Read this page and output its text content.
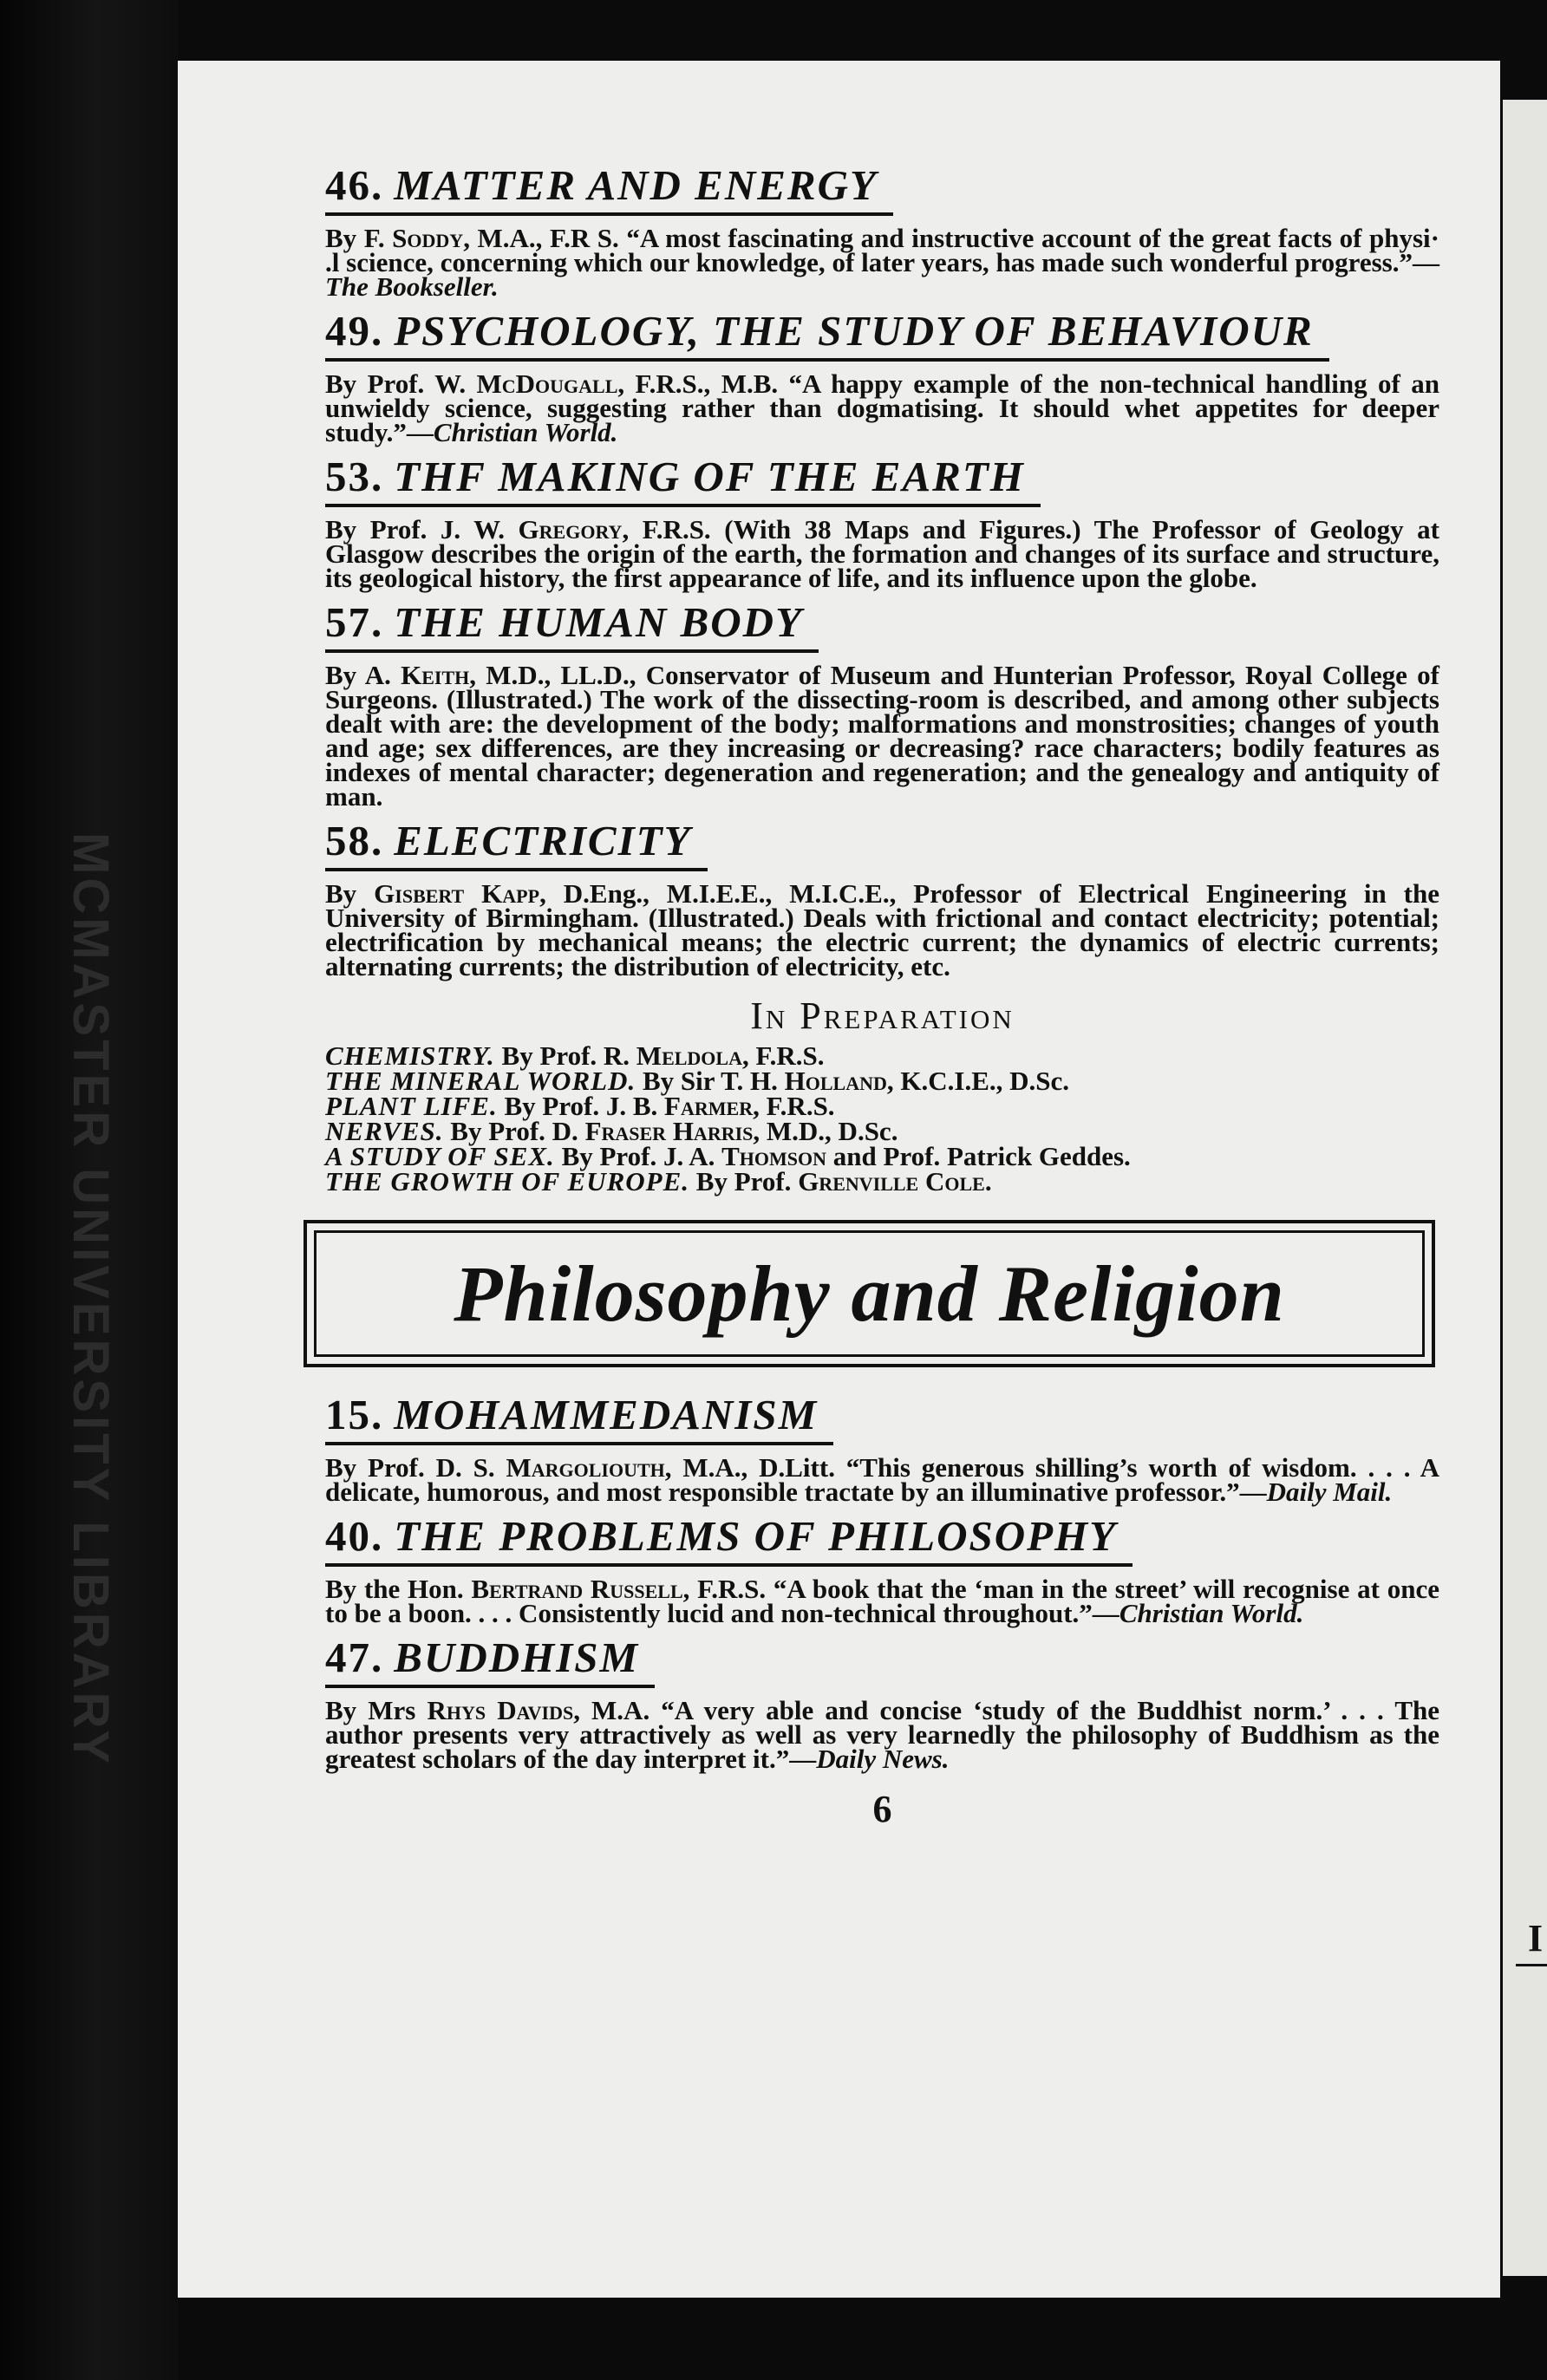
MCMASTER UNIVERSITY LIBRARY
I
46. MATTER AND ENERGY

By F. Soddy, M.A., F.R S. “A most fascinating and instructive account of the great facts of physi· .l science, concerning which our knowledge, of later years, has made such wonderful progress.”—The Bookseller.

49. PSYCHOLOGY, THE STUDY OF BEHAVIOUR

By Prof. W. McDougall, F.R.S., M.B. “A happy example of the non-technical handling of an unwieldy science, suggesting rather than dogmatising. It should whet appetites for deeper study.”—Christian World.

53. THF MAKING OF THE EARTH

By Prof. J. W. Gregory, F.R.S. (With 38 Maps and Figures.) The Professor of Geology at Glasgow describes the origin of the earth, the formation and changes of its surface and structure, its geological history, the first appearance of life, and its influence upon the globe.

57. THE HUMAN BODY

By A. Keith, M.D., LL.D., Conservator of Museum and Hunterian Professor, Royal College of Surgeons. (Illustrated.) The work of the dissecting-room is described, and among other subjects dealt with are: the development of the body; malformations and monstrosities; changes of youth and age; sex differences, are they increasing or decreasing? race characters; bodily features as indexes of mental character; degeneration and regeneration; and the genealogy and antiquity of man.

58. ELECTRICITY

By Gisbert Kapp, D.Eng., M.I.E.E., M.I.C.E., Professor of Electrical Engineering in the University of Birmingham. (Illustrated.) Deals with frictional and contact electricity; potential; electrification by mechanical means; the electric current; the dynamics of electric currents; alternating currents; the distribution of electricity, etc.

In Preparation
CHEMISTRY. By Prof. R. Meldola, F.R.S.
THE MINERAL WORLD. By Sir T. H. Holland, K.C.I.E., D.Sc.
PLANT LIFE. By Prof. J. B. Farmer, F.R.S.
NERVES. By Prof. D. Fraser Harris, M.D., D.Sc.
A STUDY OF SEX. By Prof. J. A. Thomson and Prof. Patrick Geddes.
THE GROWTH OF EUROPE. By Prof. Grenville Cole.
Philosophy and Religion
15. MOHAMMEDANISM

By Prof. D. S. Margoliouth, M.A., D.Litt. “This generous shilling’s worth of wisdom. . . . A delicate, humorous, and most responsible tractate by an illuminative professor.”—Daily Mail.

40. THE PROBLEMS OF PHILOSOPHY

By the Hon. Bertrand Russell, F.R.S. “A book that the ‘man in the street’ will recognise at once to be a boon. . . . Consistently lucid and non-technical throughout.”—Christian World.

47. BUDDHISM

By Mrs Rhys Davids, M.A. “A very able and concise ‘study of the Buddhist norm.’ . . . The author presents very attractively as well as very learnedly the philosophy of Buddhism as the greatest scholars of the day interpret it.”—Daily News.

6
